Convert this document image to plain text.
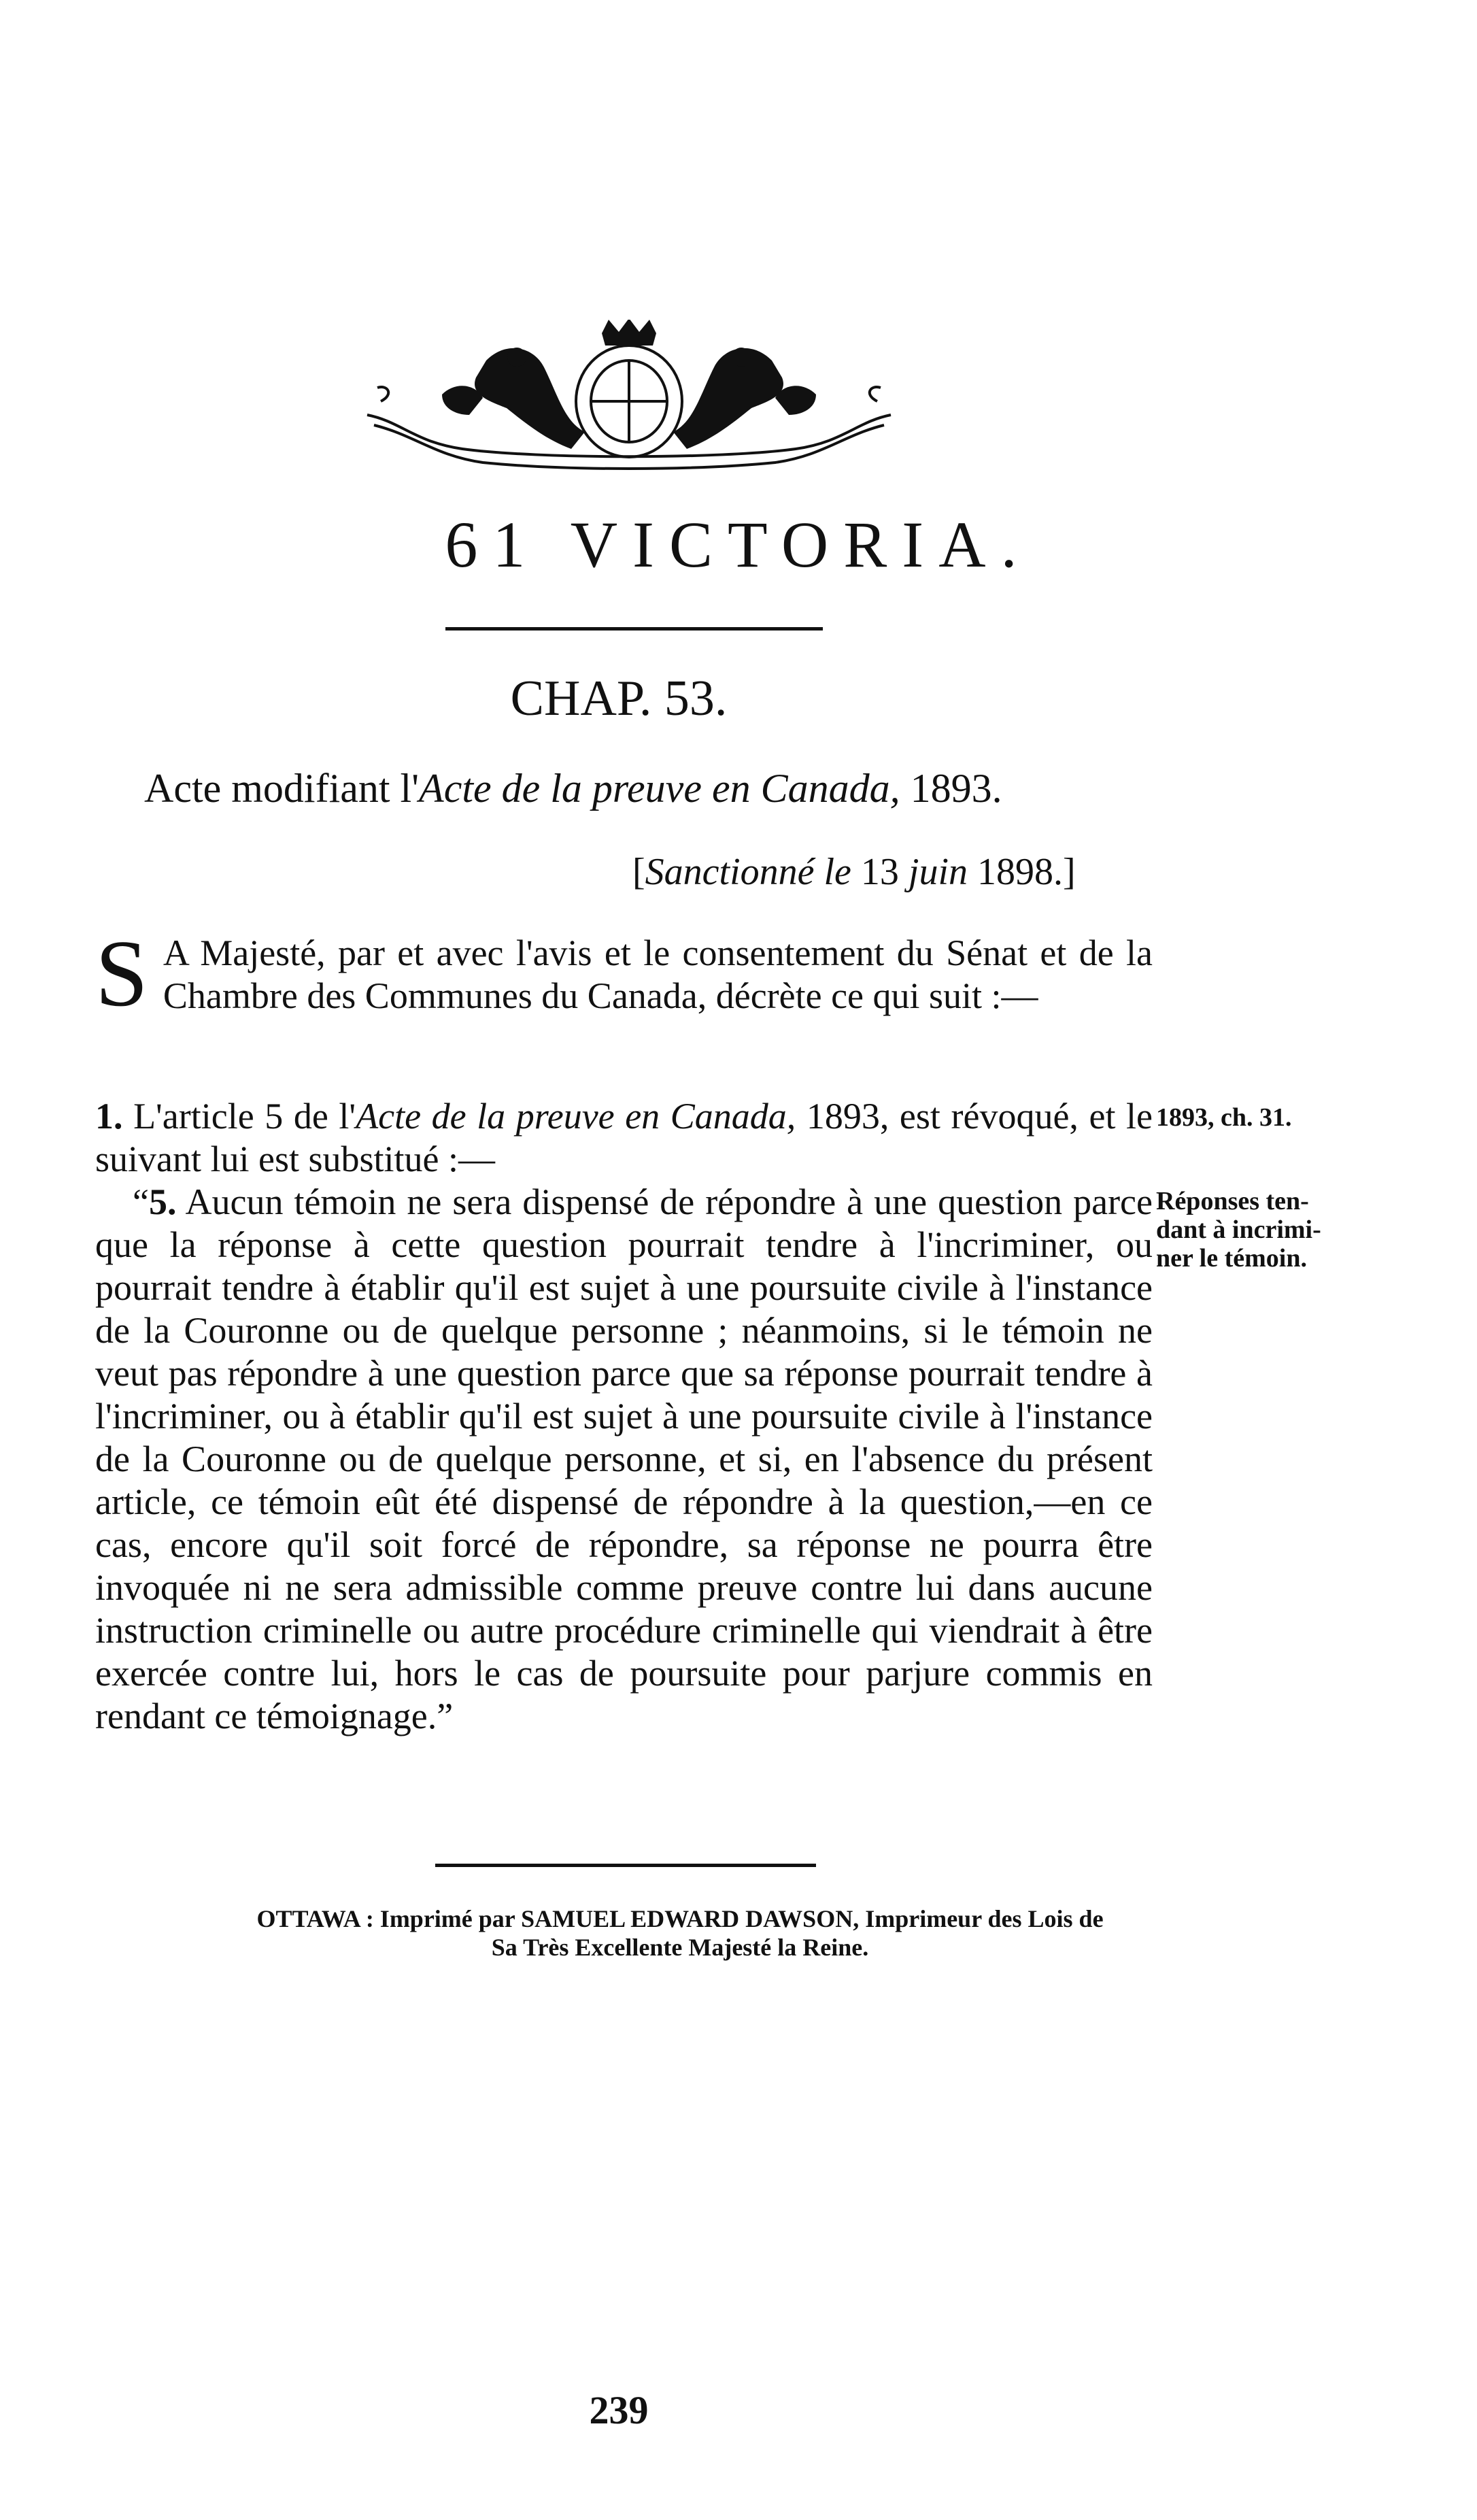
61 VICTORIA.
CHAP. 53.
Acte modifiant l'Acte de la preuve en Canada, 1893.
[Sanctionné le 13 juin 1898.]
S A Majesté, par et avec l'avis et le consentement du Sénat et de la Chambre des Communes du Canada, décrète ce qui suit :—
1. L'article 5 de l'Acte de la preuve en Canada, 1893, est révoqué, et le suivant lui est substitué :—
“5. Aucun témoin ne sera dispensé de répondre à une question parce que la réponse à cette question pourrait tendre à l'incriminer, ou pourrait tendre à établir qu'il est sujet à une poursuite civile à l'instance de la Couronne ou de quelque personne ; néanmoins, si le témoin ne veut pas répondre à une question parce que sa réponse pourrait tendre à l'incriminer, ou à établir qu'il est sujet à une poursuite civile à l'instance de la Couronne ou de quelque personne, et si, en l'absence du présent article, ce témoin eût été dispensé de répondre à la question,—en ce cas, encore qu'il soit forcé de répondre, sa réponse ne pourra être invoquée ni ne sera admissible comme preuve contre lui dans aucune instruction criminelle ou autre procédure criminelle qui viendrait à être exercée contre lui, hors le cas de poursuite pour parjure commis en rendant ce témoignage.”
1893, ch. 31.
Réponses ten-
dant à incrimi-
ner le témoin.
OTTAWA : Imprimé par SAMUEL EDWARD DAWSON, Imprimeur des Lois de
Sa Très Excellente Majesté la Reine.
239
